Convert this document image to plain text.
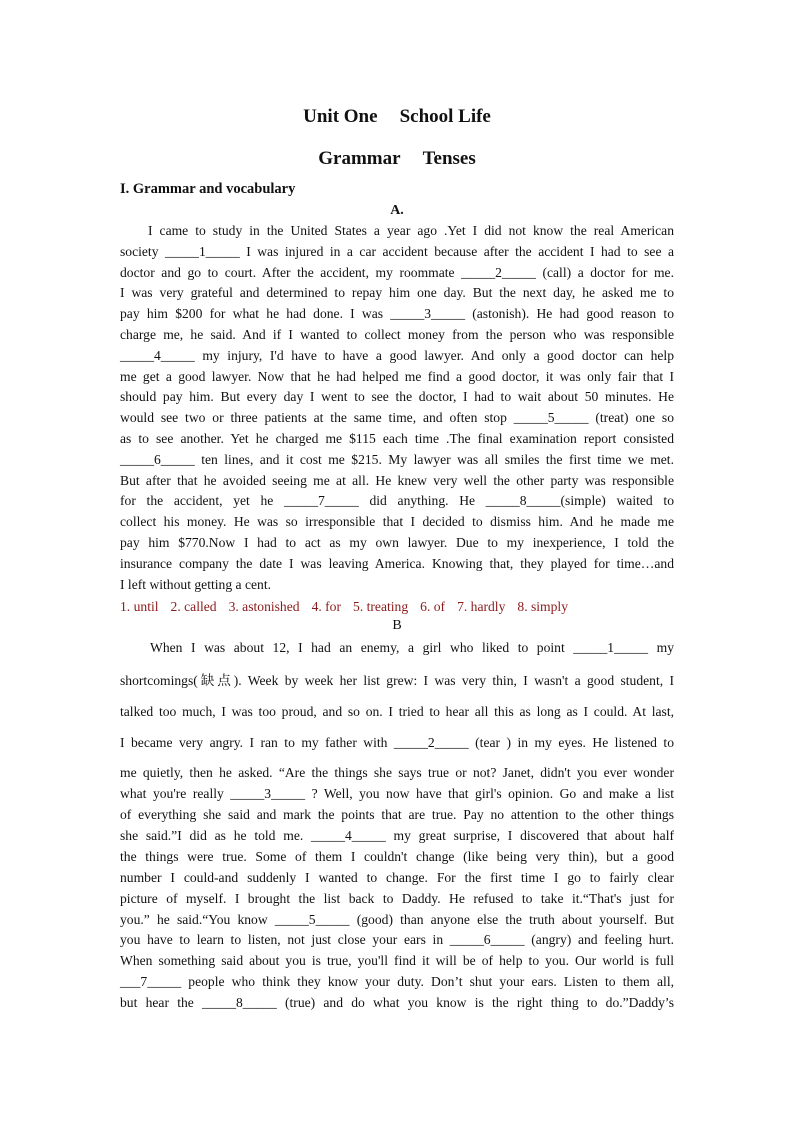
Unit One School Life
Grammar Tenses
I. Grammar and vocabulary
A.
I came to study in the United States a year ago .Yet I did not know the real American
society _____1_____ I was injured in a car accident because after the accident I had to see a
doctor and go to court. After the accident, my roommate _____2_____ (call) a doctor for me.
I was very grateful and determined to repay him one day. But the next day, he asked me to
pay him $200 for what he had done. I was _____3_____ (astonish). He had good reason to
charge me, he said. And if I wanted to collect money from the person who was responsible
_____4_____ my injury, I'd have to have a good lawyer. And only a good doctor can help
me get a good lawyer. Now that he had helped me find a good doctor, it was only fair that I
should pay him. But every day I went to see the doctor, I had to wait about 50 minutes. He
would see two or three patients at the same time, and often stop _____5_____ (treat) one so
as to see another. Yet he charged me $115 each time .The final examination report consisted
_____6_____ ten lines, and it cost me $215. My lawyer was all smiles the first time we met.
But after that he avoided seeing me at all. He knew very well the other party was responsible
for the accident, yet he _____7_____ did anything. He _____8_____(simple) waited to
collect his money. He was so irresponsible that I decided to dismiss him. And he made me
pay him $770.Now I had to act as my own lawyer. Due to my inexperience, I told the
insurance company the date I was leaving America. Knowing that, they played for time…and
I left without getting a cent.
1. until 2. called 3. astonished 4. for 5. treating 6. of 7. hardly 8. simply
B
When I was about 12, I had an enemy, a girl who liked to point _____1_____ my
shortcomings(缺点). Week by week her list grew: I was very thin, I wasn't a good student, I
talked too much, I was too proud, and so on. I tried to hear all this as long as I could. At last,
I became very angry. I ran to my father with _____2_____ (tear ) in my eyes. He listened to
me quietly, then he asked. “Are the things she says true or not? Janet, didn't you ever wonder
what you're really _____3_____ ? Well, you now have that girl's opinion. Go and make a list
of everything she said and mark the points that are true. Pay no attention to the other things
she said.”I did as he told me. _____4_____ my great surprise, I discovered that about half
the things were true. Some of them I couldn't change (like being very thin), but a good
number I could-and suddenly I wanted to change. For the first time I go to fairly clear
picture of myself. I brought the list back to Daddy. He refused to take it.“That's just for
you.” he said.“You know _____5_____ (good) than anyone else the truth about yourself. But
you have to learn to listen, not just close your ears in _____6_____ (angry) and feeling hurt.
When something said about you is true, you'll find it will be of help to you. Our world is full
___7_____ people who think they know your duty. Don’t shut your ears. Listen to them all,
but hear the _____8_____ (true) and do what you know is the right thing to do.”Daddy’s
